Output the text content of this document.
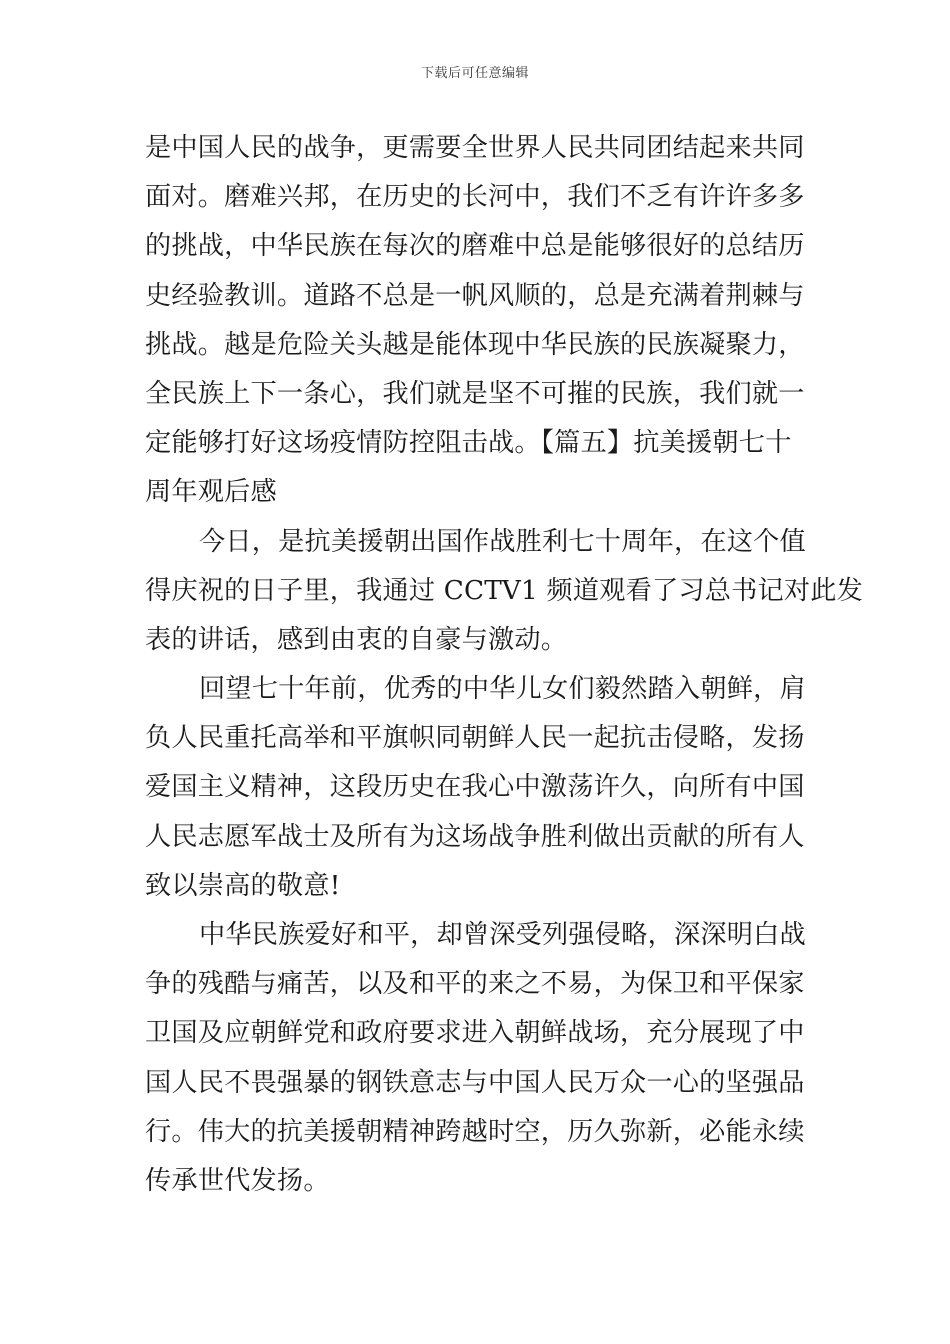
下载后可任意编辑
是中国人民的战争，更需要全世界人民共同团结起来共同
面对。磨难兴邦，在历史的长河中，我们不乏有许许多多
的挑战，中华民族在每次的磨难中总是能够很好的总结历
史经验教训。道路不总是一帆风顺的，总是充满着荆棘与
挑战。越是危险关头越是能体现中华民族的民族凝聚力，
全民族上下一条心，我们就是坚不可摧的民族，我们就一
定能够打好这场疫情防控阻击战。【篇五】抗美援朝七十
周年观后感
今日，是抗美援朝出国作战胜利七十周年，在这个值
得庆祝的日子里，我通过 CCTV1 频道观看了习总书记对此发
表的讲话，感到由衷的自豪与激动。
回望七十年前，优秀的中华儿女们毅然踏入朝鲜，肩
负人民重托高举和平旗帜同朝鲜人民一起抗击侵略，发扬
爱国主义精神，这段历史在我心中激荡许久，向所有中国
人民志愿军战士及所有为这场战争胜利做出贡献的所有人
致以崇高的敬意!
中华民族爱好和平，却曾深受列强侵略，深深明白战
争的残酷与痛苦，以及和平的来之不易，为保卫和平保家
卫国及应朝鲜党和政府要求进入朝鲜战场，充分展现了中
国人民不畏强暴的钢铁意志与中国人民万众一心的坚强品
行。伟大的抗美援朝精神跨越时空，历久弥新，必能永续
传承世代发扬。
